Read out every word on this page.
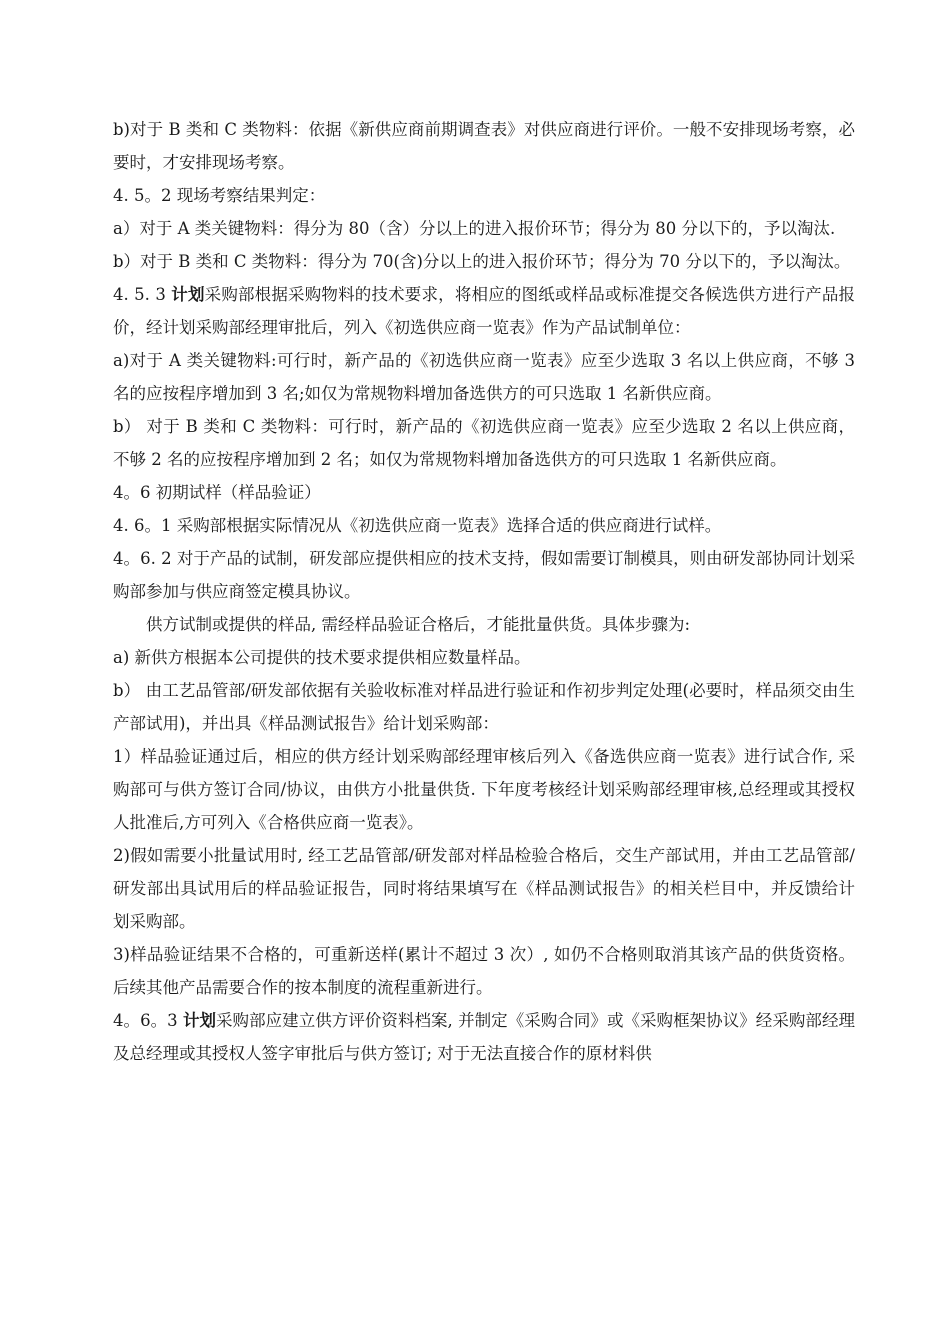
b)对于 B 类和 C 类物料：依据《新供应商前期调查表》对供应商进行评价。一般不安排现场考察，必要时，才安排现场考察。

4. 5。2 现场考察结果判定：

a）对于 A 类关键物料：得分为 80（含）分以上的进入报价环节；得分为 80 分以下的，予以淘汰.

b）对于 B 类和 C 类物料：得分为 70(含)分以上的进入报价环节；得分为 70 分以下的，予以淘汰。

4. 5. 3 计划采购部根据采购物料的技术要求，将相应的图纸或样品或标准提交各候选供方进行产品报价，经计划采购部经理审批后，列入《初选供应商一览表》作为产品试制单位：

a)对于 A 类关键物料:可行时，新产品的《初选供应商一览表》应至少选取 3 名以上供应商，不够 3 名的应按程序增加到 3 名;如仅为常规物料增加备选供方的可只选取 1 名新供应商。

b） 对于 B 类和 C 类物料：可行时，新产品的《初选供应商一览表》应至少选取 2 名以上供应商，不够 2 名的应按程序增加到 2 名；如仅为常规物料增加备选供方的可只选取 1 名新供应商。

4。6 初期试样（样品验证）

4. 6。1 采购部根据实际情况从《初选供应商一览表》选择合适的供应商进行试样。

4。6. 2 对于产品的试制，研发部应提供相应的技术支持，假如需要订制模具，则由研发部协同计划采购部参加与供应商签定模具协议。

供方试制或提供的样品, 需经样品验证合格后，才能批量供货。具体步骤为:

a) 新供方根据本公司提供的技术要求提供相应数量样品。

b） 由工艺品管部/研发部依据有关验收标准对样品进行验证和作初步判定处理(必要时，样品须交由生产部试用)，并出具《样品测试报告》给计划采购部：

1）样品验证通过后，相应的供方经计划采购部经理审核后列入《备选供应商一览表》进行试合作, 采购部可与供方签订合同/协议，由供方小批量供货. 下年度考核经计划采购部经理审核,总经理或其授权人批准后,方可列入《合格供应商一览表》。

2)假如需要小批量试用时, 经工艺品管部/研发部对样品检验合格后，交生产部试用，并由工艺品管部/研发部出具试用后的样品验证报告，同时将结果填写在《样品测试报告》的相关栏目中，并反馈给计划采购部。

3)样品验证结果不合格的，可重新送样(累计不超过 3 次）, 如仍不合格则取消其该产品的供货资格。后续其他产品需要合作的按本制度的流程重新进行。

4。6。3 计划采购部应建立供方评价资料档案, 并制定《采购合同》或《采购框架协议》经采购部经理及总经理或其授权人签字审批后与供方签订; 对于无法直接合作的原材料供
